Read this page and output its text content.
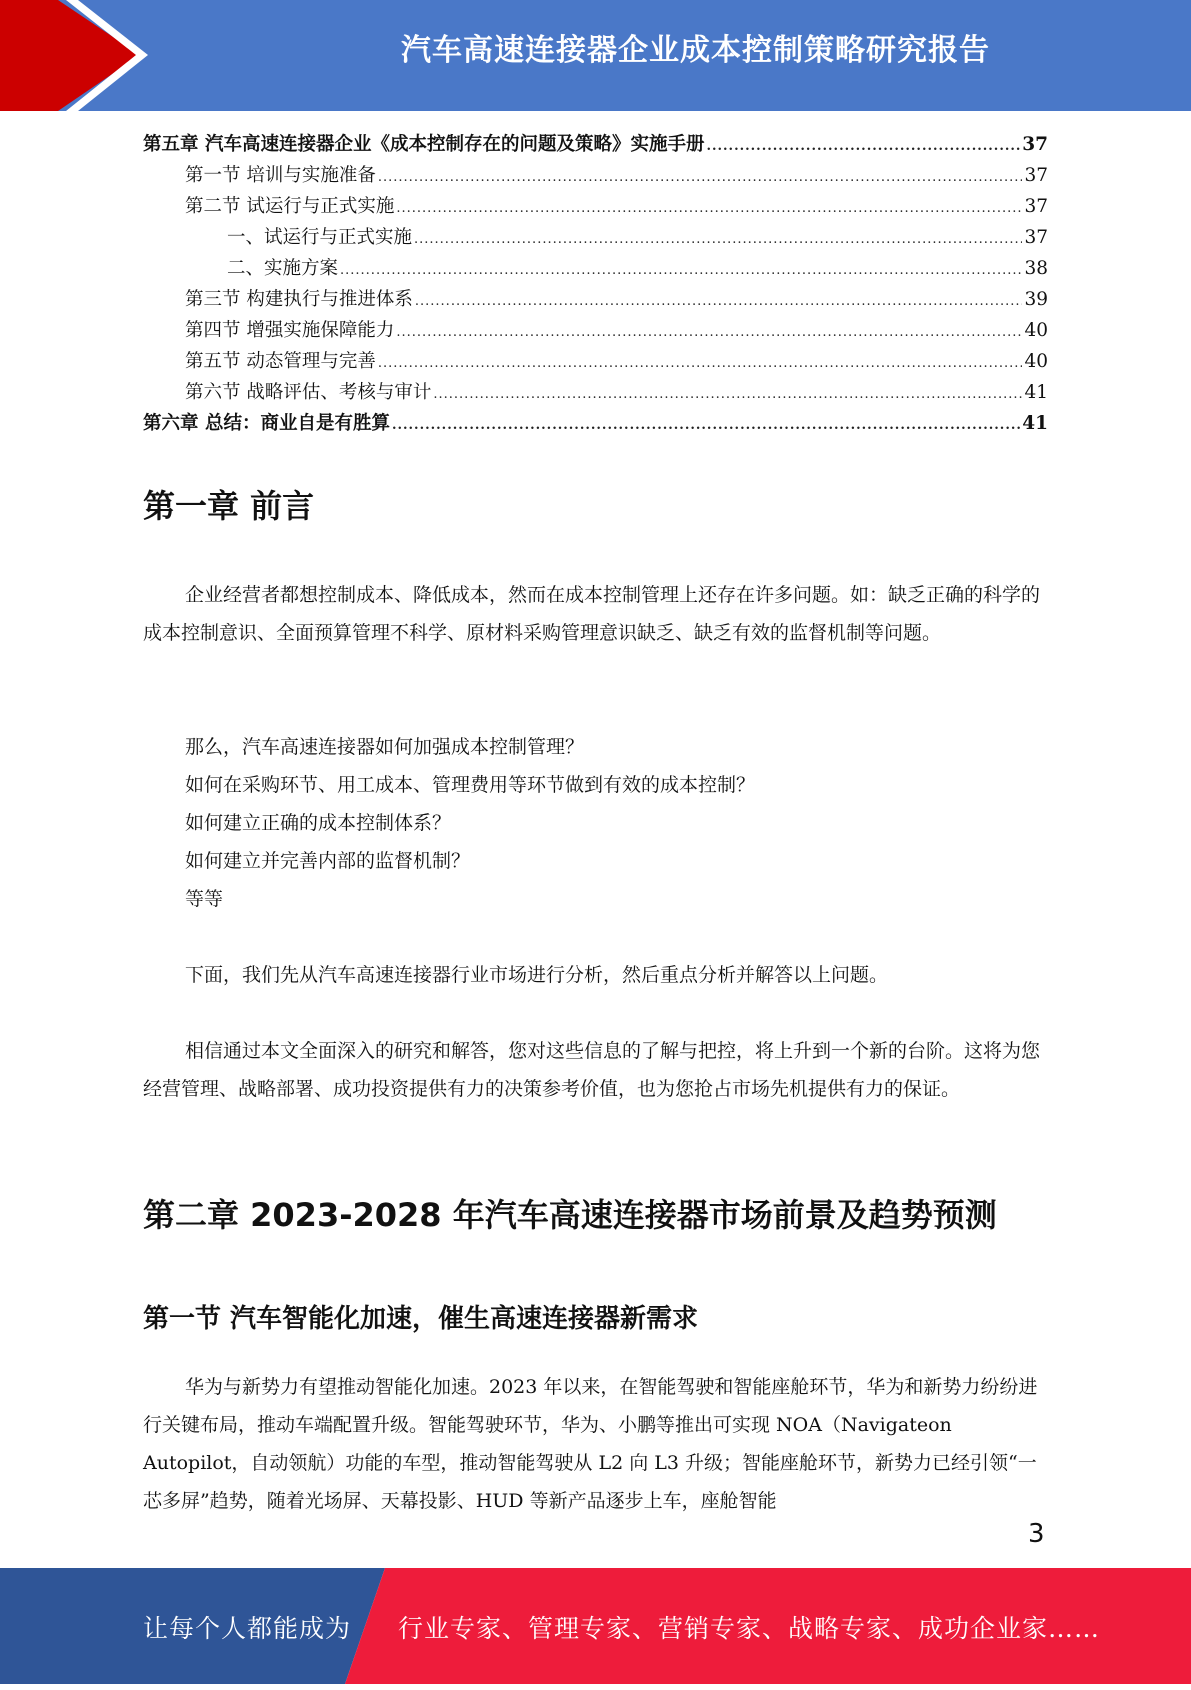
汽车高速连接器企业成本控制策略研究报告
第五章 汽车高速连接器企业《成本控制存在的问题及策略》实施手册 .....	37
第一节 培训与实施准备 .....	37
第二节 试运行与正式实施 .....	37
一、试运行与正式实施 .....	37
二、实施方案 .....	38
第三节 构建执行与推进体系 .....	39
第四节 增强实施保障能力 .....	40
第五节 动态管理与完善 .....	40
第六节 战略评估、考核与审计 .....	41
第六章 总结：商业自是有胜算 .....	41
第一章 前言

企业经营者都想控制成本、降低成本，然而在成本控制管理上还存在许多问题。如：缺乏正确的科学的成本控制意识、全面预算管理不科学、原材料采购管理意识缺乏、缺乏有效的监督机制等问题。

那么，汽车高速连接器如何加强成本控制管理？

如何在采购环节、用工成本、管理费用等环节做到有效的成本控制？

如何建立正确的成本控制体系？

如何建立并完善内部的监督机制？

等等

下面，我们先从汽车高速连接器行业市场进行分析，然后重点分析并解答以上问题。

相信通过本文全面深入的研究和解答，您对这些信息的了解与把控，将上升到一个新的台阶。这将为您经营管理、战略部署、成功投资提供有力的决策参考价值，也为您抢占市场先机提供有力的保证。

第二章 2023-2028 年汽车高速连接器市场前景及趋势预测
第一节 汽车智能化加速，催生高速连接器新需求

华为与新势力有望推动智能化加速。2023 年以来，在智能驾驶和智能座舱环节，华为和新势力纷纷进行关键布局，推动车端配置升级。智能驾驶环节，华为、小鹏等推出可实现 NOA（Navigateon Autopilot，自动领航）功能的车型，推动智能驾驶从 L2 向 L3 升级；智能座舱环节，新势力已经引领“一芯多屏”趋势，随着光场屏、天幕投影、HUD 等新产品逐步上车，座舱智能

3
让每个人都能成为 行业专家、管理专家、营销专家、战略专家、成功企业家……
